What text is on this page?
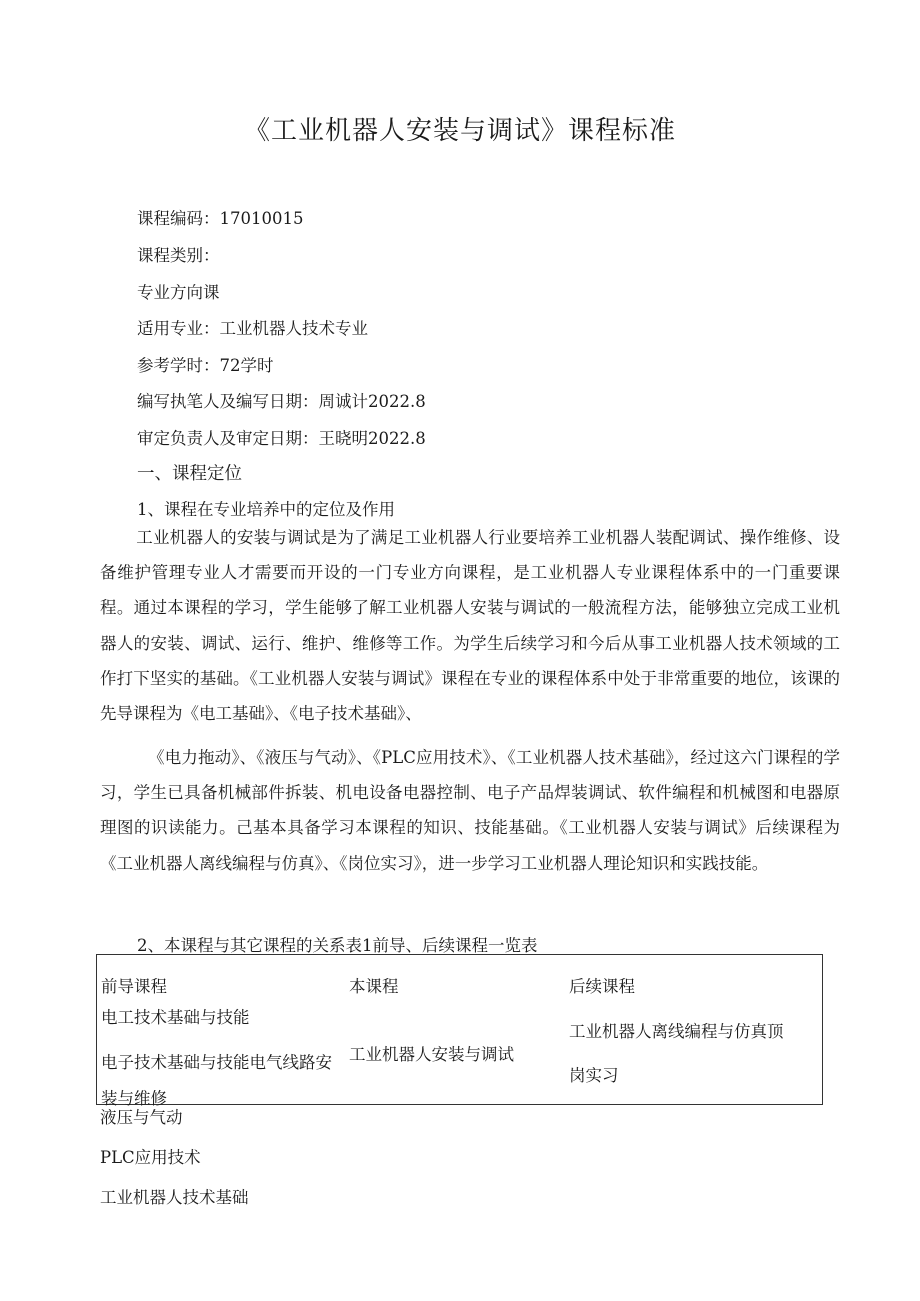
《工业机器人安装与调试》课程标准
课程编码：17010015
课程类别：
专业方向课
适用专业：工业机器人技术专业
参考学时：72学时
编写执笔人及编写日期：周诚计2022.8
审定负责人及审定日期：王晓明2022.8
一、课程定位
1、课程在专业培养中的定位及作用
工业机器人的安装与调试是为了满足工业机器人行业要培养工业机器人装配调试、操作维修、设备维护管理专业人才需要而开设的一门专业方向课程，是工业机器人专业课程体系中的一门重要课程。通过本课程的学习，学生能够了解工业机器人安装与调试的一般流程方法，能够独立完成工业机器人的安装、调试、运行、维护、维修等工作。为学生后续学习和今后从事工业机器人技术领域的工作打下坚实的基础。《工业机器人安装与调试》课程在专业的课程体系中处于非常重要的地位，该课的先导课程为《电工基础》、《电子技术基础》、
《电力拖动》、《液压与气动》、《PLC应用技术》、《工业机器人技术基础》，经过这六门课程的学习，学生已具备机械部件拆装、机电设备电器控制、电子产品焊装调试、软件编程和机械图和电器原理图的识读能力。己基本具备学习本课程的知识、技能基础。《工业机器人安装与调试》后续课程为《工业机器人离线编程与仿真》、《岗位实习》，进一步学习工业机器人理论知识和实践技能。
2、本课程与其它课程的关系表1前导、后续课程一览表
前导课程	本课程	后续课程
电工技术基础与技能
电子技术基础与技能电气线路安
装与维修
工业机器人安装与调试
工业机器人离线编程与仿真顶
岗实习
液压与气动
PLC应用技术
工业机器人技术基础
